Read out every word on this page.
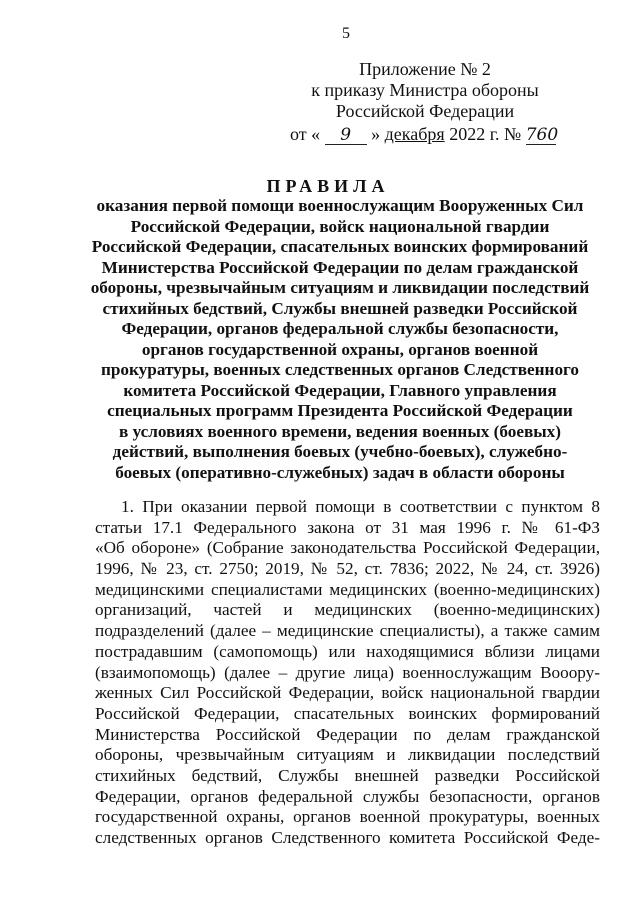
5
Приложение № 2
к приказу Министра обороны
Российской Федерации
от « 9 » декабря 2022 г. № 760
ПРАВИЛА
оказания первой помощи военнослужащим Вооруженных Сил
Российской Федерации, войск национальной гвардии
Российской Федерации, спасательных воинских формирований
Министерства Российской Федерации по делам гражданской
обороны, чрезвычайным ситуациям и ликвидации последствий
стихийных бедствий, Службы внешней разведки Российской
Федерации, органов федеральной службы безопасности,
органов государственной охраны, органов военной
прокуратуры, военных следственных органов Следственного
комитета Российской Федерации, Главного управления
специальных программ Президента Российской Федерации
в условиях военного времени, ведения военных (боевых)
действий, выполнения боевых (учебно-боевых), служебно-
боевых (оперативно-служебных) задач в области обороны
1. При оказании первой помощи в соответствии с пунктом 8
статьи 17.1 Федерального закона от 31 мая 1996 г. № 61-ФЗ
«Об обороне» (Собрание законодательства Российской Федерации,
1996, № 23, ст. 2750; 2019, № 52, ст. 7836; 2022, № 24, ст. 3926)
медицинскими специалистами медицинских (военно-медицинских)
организаций, частей и медицинских (военно-медицинских)
подразделений (далее – медицинские специалисты), а также самим
пострадавшим (самопомощь) или находящимися вблизи лицами
(взаимопомощь) (далее – другие лица) военнослужащим Вооору-
женных Сил Российской Федерации, войск национальной гвардии
Российской Федерации, спасательных воинских формирований
Министерства Российской Федерации по делам гражданской
обороны, чрезвычайным ситуациям и ликвидации последствий
стихийных бедствий, Службы внешней разведки Российской
Федерации, органов федеральной службы безопасности, органов
государственной охраны, органов военной прокуратуры, военных
следственных органов Следственного комитета Российской Феде-
